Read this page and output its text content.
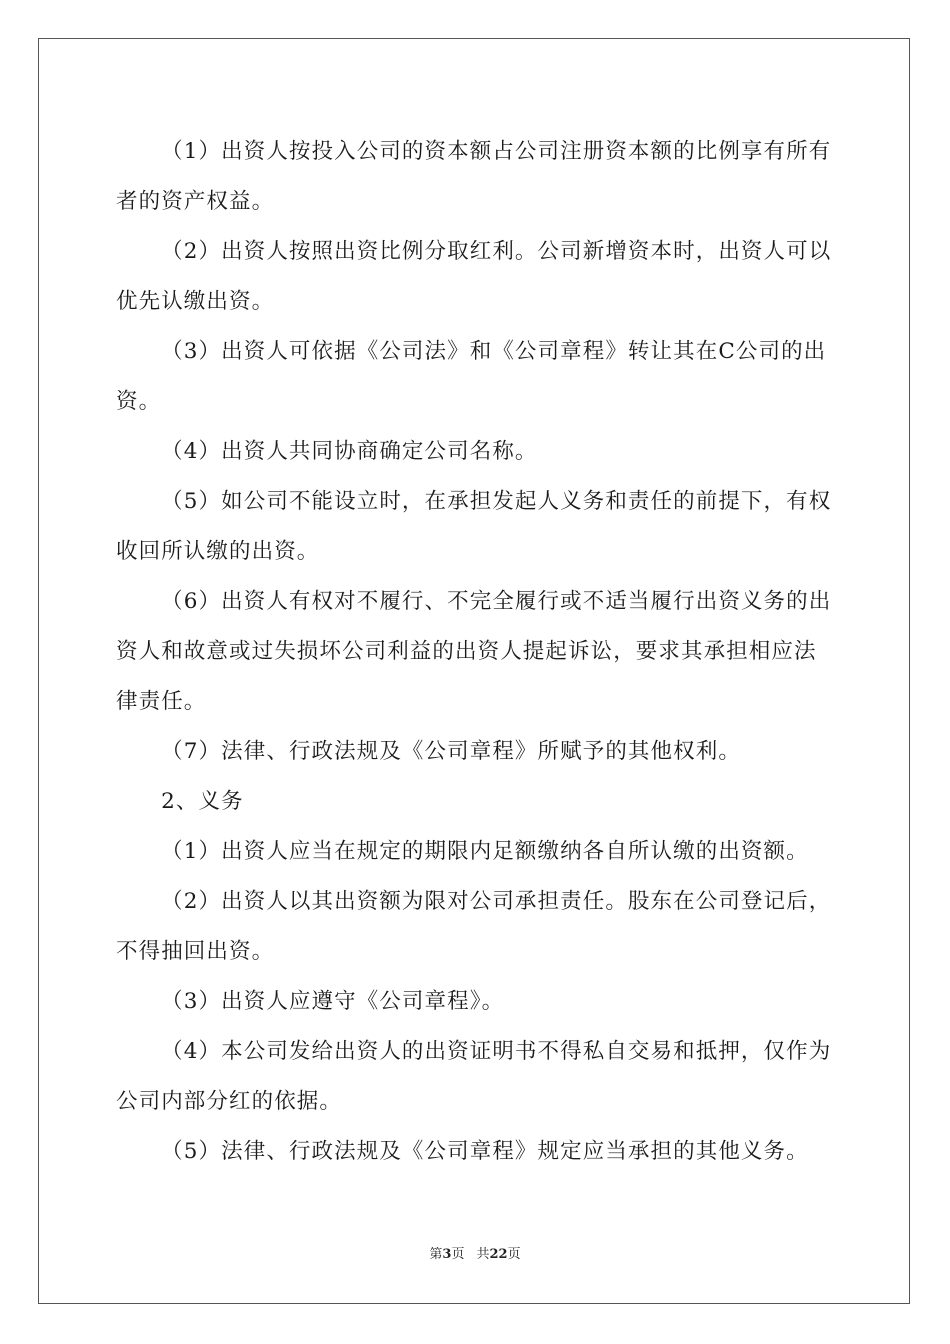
（1）出资人按投入公司的资本额占公司注册资本额的比例享有所有者的资产权益。

（2）出资人按照出资比例分取红利。公司新增资本时，出资人可以优先认缴出资。

（3）出资人可依据《公司法》和《公司章程》转让其在C公司的出资。

（4）出资人共同协商确定公司名称。

（5）如公司不能设立时，在承担发起人义务和责任的前提下，有权收回所认缴的出资。

（6）出资人有权对不履行、不完全履行或不适当履行出资义务的出资人和故意或过失损坏公司利益的出资人提起诉讼，要求其承担相应法律责任。

（7）法律、行政法规及《公司章程》所赋予的其他权利。

2、义务

（1）出资人应当在规定的期限内足额缴纳各自所认缴的出资额。

（2）出资人以其出资额为限对公司承担责任。股东在公司登记后，不得抽回出资。

（3）出资人应遵守《公司章程》。

（4）本公司发给出资人的出资证明书不得私自交易和抵押，仅作为公司内部分红的依据。

（5）法律、行政法规及《公司章程》规定应当承担的其他义务。

第3页 共22页
